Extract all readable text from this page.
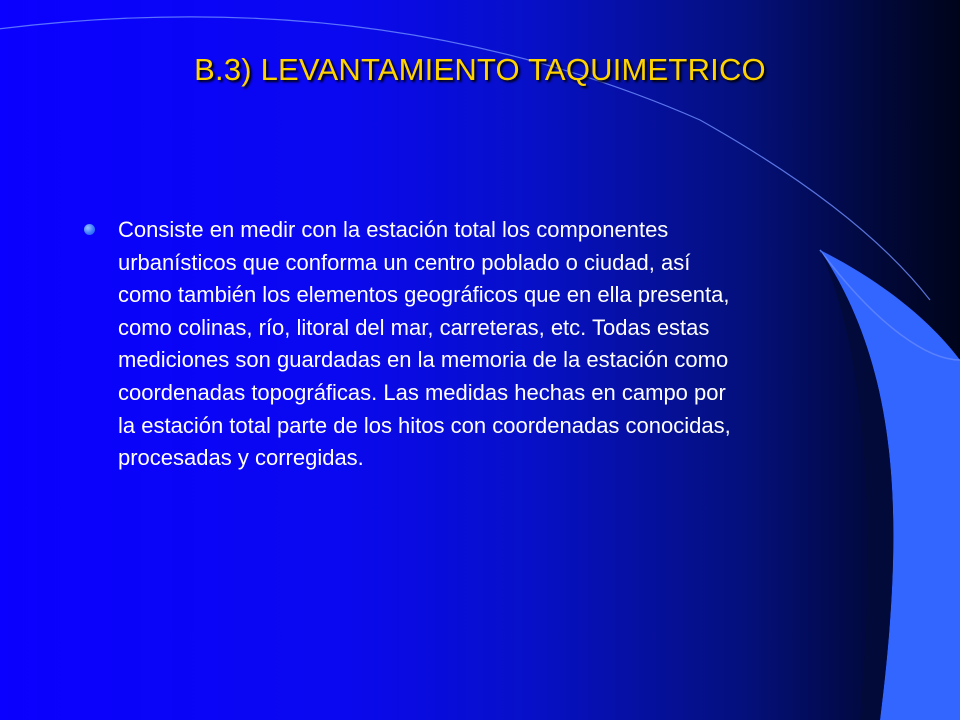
B.3) LEVANTAMIENTO TAQUIMETRICO
Consiste en medir con la estación total los componentes
urbanísticos que conforma un centro poblado o ciudad, así
como también los elementos geográficos que en ella presenta,
como colinas, río, litoral del mar, carreteras, etc. Todas estas
mediciones son guardadas en la memoria de la estación como
coordenadas topográficas. Las medidas hechas en campo por
la estación total parte de los hitos con coordenadas conocidas,
procesadas y corregidas.
